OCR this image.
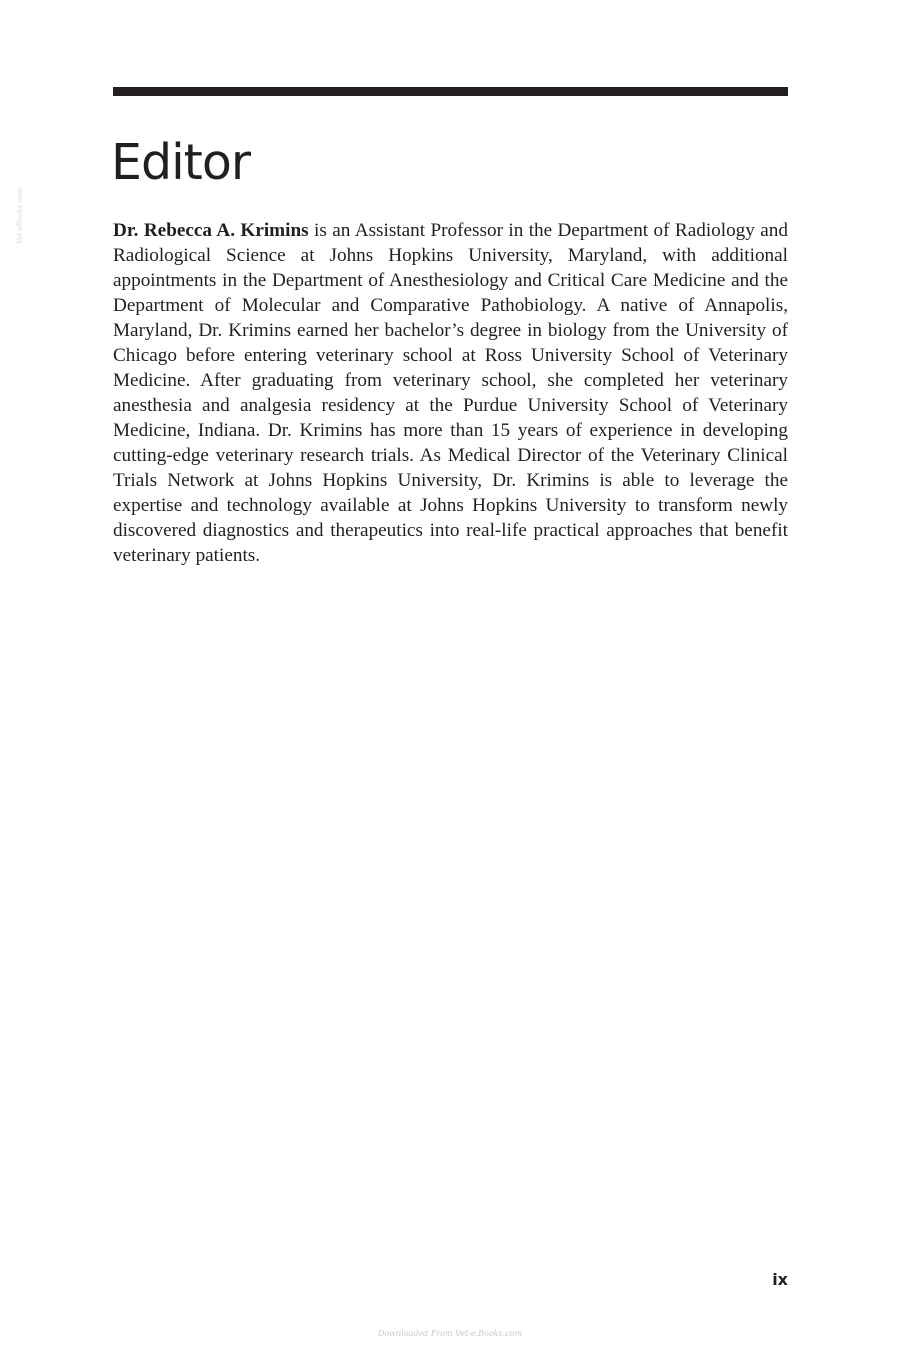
Editor

Dr. Rebecca A. Krimins is an Assistant Professor in the Department of Radiology and Radiological Science at Johns Hopkins University, Maryland, with additional appointments in the Department of Anesthesiology and Critical Care Medicine and the Department of Molecular and Comparative Pathobiology. A native of Annapolis, Maryland, Dr. Krimins earned her bachelor’s degree in biology from the University of Chicago before entering veterinary school at Ross University School of Veterinary Medicine. After graduating from veterinary school, she completed her veterinary anesthesia and analgesia residency at the Purdue University School of Veterinary Medicine, Indiana. Dr. Krimins has more than 15 years of experience in developing cutting-edge veterinary research trials. As Medical Director of the Veterinary Clinical Trials Network at Johns Hopkins University, Dr. Krimins is able to leverage the expertise and technology available at Johns Hopkins University to transform newly discovered diagnostics and therapeutics into real-life practical approaches that benefit veterinary patients.

ix
Downloaded From Vet-e.Books.com
Vet-eBooks.com
